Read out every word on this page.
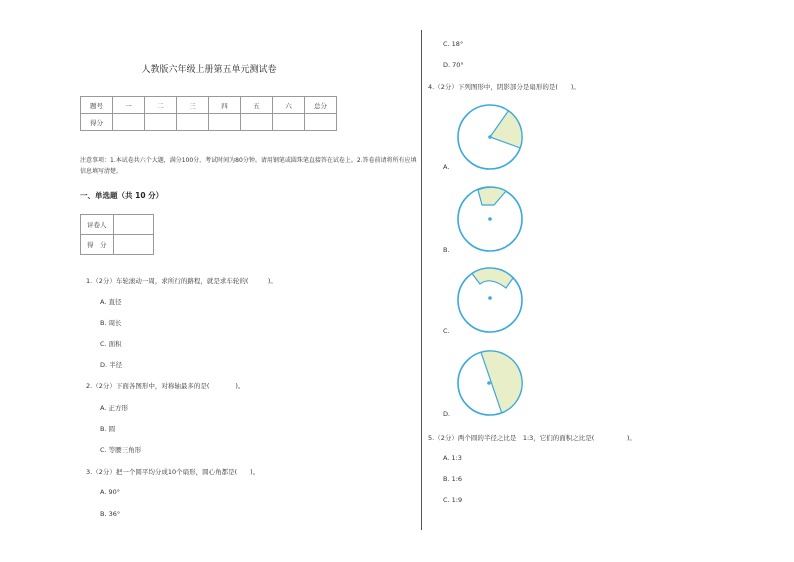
人教版六年级上册第五单元测试卷
题号	一	二	三	四	五	六	总分
得分							
注意事项：1.本试卷共六个大题，满分100分，考试时间为80分钟。请用钢笔或圆珠笔直接答在试卷上。2.答卷前请将所有应填信息填写清楚。
一、单选题（共 10 分）
评卷人	
得　分	
1.（2分）车轮滚动一周，求所行的路程，就是求车轮的(　　　)。
A. 直径
B. 周长
C. 面积
D. 半径
2.（2分）下面各图形中，对称轴最多的是(　　　　)。
A. 正方形
B. 圆
C. 等腰三角形
3.（2分）把一个圆平均分成10个扇形，圆心角都是(　　)。
A. 90°
B. 36°
C. 18°
D. 70°
4.（2分）下列图形中，阴影部分是扇形的是(　　)。
A.
B.
C.
D.
5.（2分）两个圆的半径之比是　1:3，它们的面积之比是(　　　　　)。
A. 1:3
B. 1:6
C. 1:9
